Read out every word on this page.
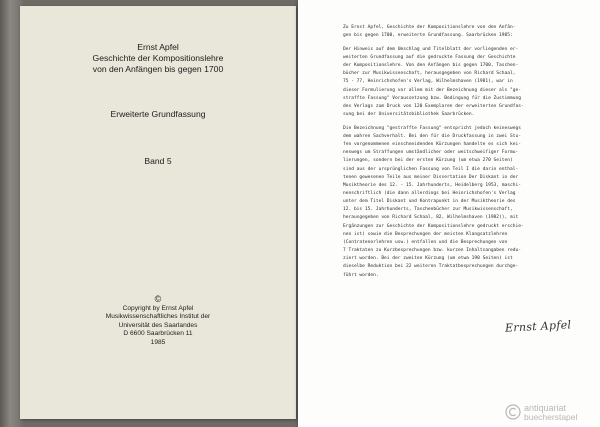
Ernst Apfel
Geschichte der Kompositionslehre
von den Anfängen bis gegen 1700
Erweiterte Grundfassung
Band 5
©
Copyright by Ernst Apfel
Musikwissenschaftliches Institut der
Universität des Saarlandes
D 6600 Saarbrücken 11
1985
Zu Ernst Apfel, Geschichte der Kompositionslehre von den Anfän-
gen bis gegen 1700, erweiterte Grundfassung. Saarbrücken 1985:
Der Hinweis auf dem Umschlag und Titelblatt der vorliegenden er-
weiterten Grundfassung auf die gedruckte Fassung der Geschichte
der Kompositionslehre. Von den Anfängen bis gegen 1700, Taschen-
bücher zur Musikwissenschaft, herausgegeben von Richard Schaal,
75 - 77, Heinrichshofen's Verlag, Wilhelmshaven (1981), war in
dieser Formulierung vor allem mit der Bezeichnung dieser als "ge-
straffte Fassung" Voraussetzung bzw. Bedingung für die Zustimmung
des Verlags zum Druck von 120 Exemplaren der erweiterten Grundfas-
sung bei der Universitätsbibliothek Saarbrücken.
Die Bezeichnung "gestraffte Fassung" entspricht jedoch keineswegs
dem wahren Sachverhalt. Bei den für die Druckfassung in zwei Stu-
fen vorgenommenen einschneidenden Kürzungen handelte es sich kei-
neswegs um Straffungen umständlicher oder weitschweifiger Formu-
lierungen, sondern bei der ersten Kürzung (um etwa 270 Seiten)
sind aus der ursprünglichen Fassung von Teil I die darin enthal-
tenen gewesenen Teile aus meiner Dissertation Der Diskant in der
Musiktheorie des 12. - 15. Jahrhunderts, Heidelberg 1953, maschi-
nenschriftlich (die dann allerdings bei Heinrichshofen's Verlag
unter dem Titel Diskant und Kontrapunkt in der Musiktheorie des
12. bis 15. Jahrhunderts, Taschenbücher zur Musikwissenschaft,
herausgegeben von Richard Schaal, 82, Wilhelmshaven (1982)), mit
Ergänzungen zur Geschichte der Kompositionslehre gedruckt erschie-
nen ist) sowie die Besprechungen der meisten Klangsatzlehren
(Contratenorlehren usw.) entfallen und die Besprechungen von
7 Traktaten zu Kurzbesprechungen bzw. kurzen Inhaltsangaben redu-
ziert worden. Bei der zweiten Kürzung (um etwa 190 Seiten) ist
dieselbe Reduktion bei 22 weiteren Traktatbesprechungen durchge-
führt worden.
Ernst Apfel
antiquariat
buecherstapel
